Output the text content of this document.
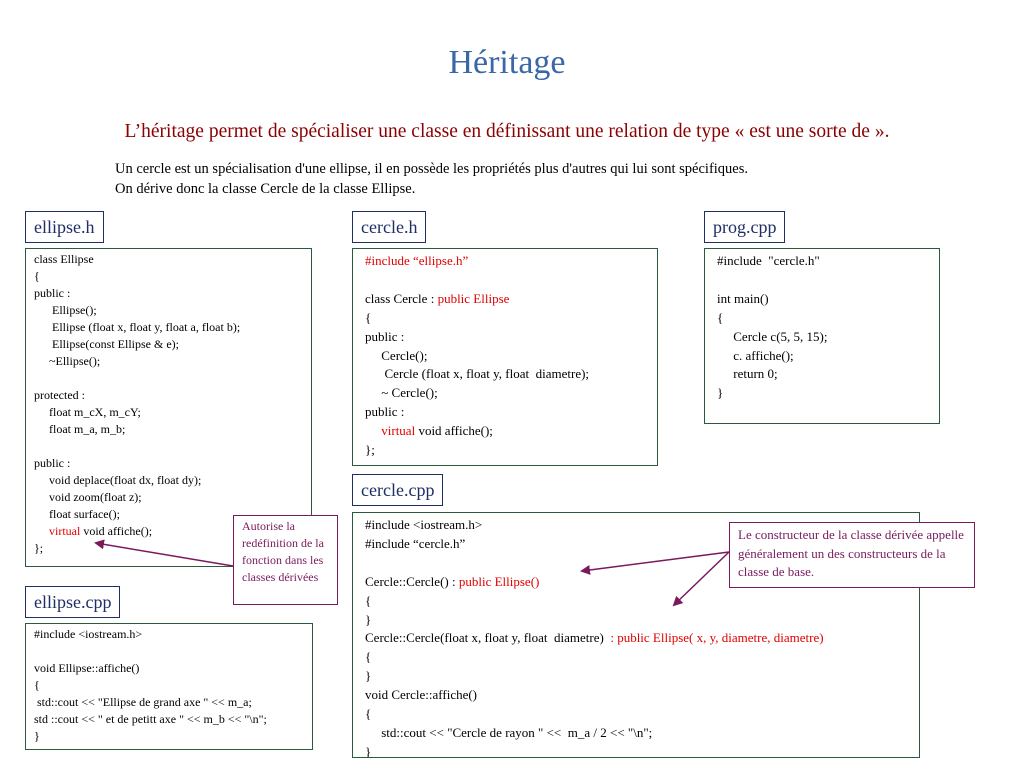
Héritage
L’héritage permet de spécialiser une classe en définissant une relation de type « est une sorte de ».
Un cercle est un spécialisation d'une ellipse, il en possède les propriétés plus d'autres qui lui sont spécifiques.
On dérive donc la classe Cercle de la classe Ellipse.
ellipse.h
class Ellipse
{
public :
Ellipse();
Ellipse (float x, float y, float a, float b);
Ellipse(const Ellipse & e);
~Ellipse();

protected :
float m_cX, m_cY;
float m_a, m_b;

public :
void deplace(float dx, float dy);
void zoom(float z);
float surface();
virtual void affiche();
};
cercle.h
#include “ellipse.h”

class Cercle : public Ellipse
{
public :
Cercle();
Cercle (float x, float y, float  diametre);
~ Cercle();
public :
virtual void affiche();
};
prog.cpp
#include  "cercle.h"

int main()
{
Cercle c(5, 5, 15);
c. affiche();
return 0;
}
cercle.cpp
#include <iostream.h>
#include “cercle.h”

Cercle::Cercle() : public Ellipse()
{
}
Cercle::Cercle(float x, float y, float  diametre)  : public Ellipse( x, y, diametre, diametre)
{
}
void Cercle::affiche()
{
std::cout << "Cercle de rayon " <<  m_a / 2 << "\n";
}
ellipse.cpp
#include <iostream.h>

void Ellipse::affiche()
{
std::cout << "Ellipse de grand axe " << m_a;
std ::cout << " et de petitt axe " << m_b << "\n";
}
Autorise la redéfinition de la fonction dans les classes dérivées
Le constructeur de la classe dérivée appelle généralement un des constructeurs de la classe de base.
